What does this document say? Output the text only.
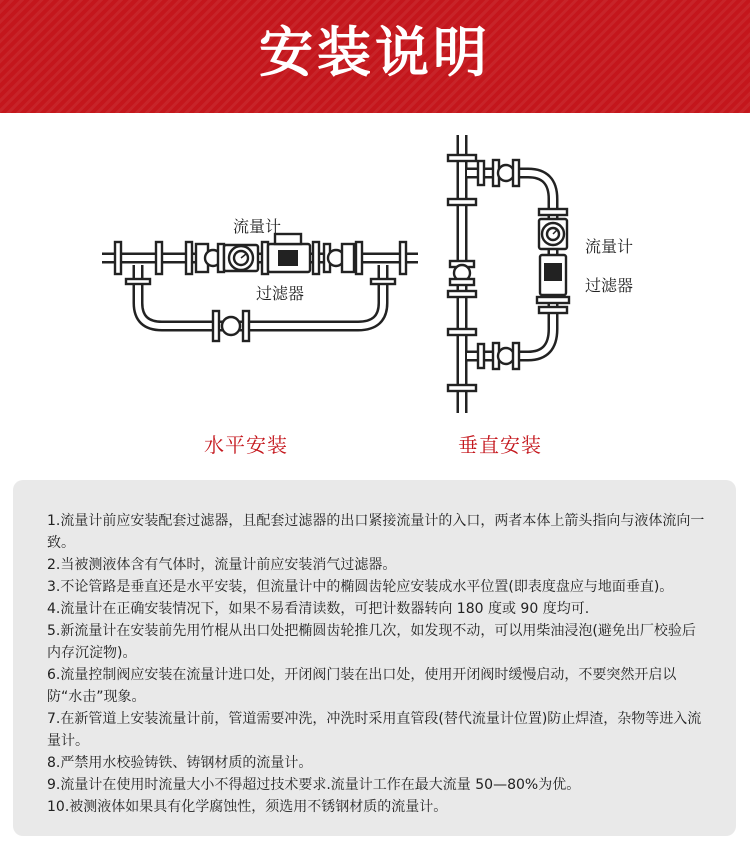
安装说明
流量计
过滤器
流量计
过滤器
水平安装	垂直安装

1.流量计前应安装配套过滤器，且配套过滤器的出口紧接流量计的入口，两者本体上箭头指向与液体流向一致。

2.当被测液体含有气体时，流量计前应安装消气过滤器。

3.不论管路是垂直还是水平安装，但流量计中的椭圆齿轮应安装成水平位置(即表度盘应与地面垂直)。

4.流量计在正确安装情况下，如果不易看清读数，可把计数器转向 180 度或 90 度均可.

5.新流量计在安装前先用竹棍从出口处把椭圆齿轮推几次，如发现不动，可以用柴油浸泡(避免出厂校验后内存沉淀物)。

6.流量控制阀应安装在流量计进口处，开闭阀门装在出口处，使用开闭阀时缓慢启动，不要突然开启以防“水击”现象。

7.在新管道上安装流量计前，管道需要冲洗，冲洗时采用直管段(替代流量计位置)防止焊渣，杂物等进入流量计。

8.严禁用水校验铸铁、铸钢材质的流量计。

9.流量计在使用时流量大小不得超过技术要求.流量计工作在最大流量 50—80%为优。

10.被测液体如果具有化学腐蚀性，须选用不锈钢材质的流量计。
